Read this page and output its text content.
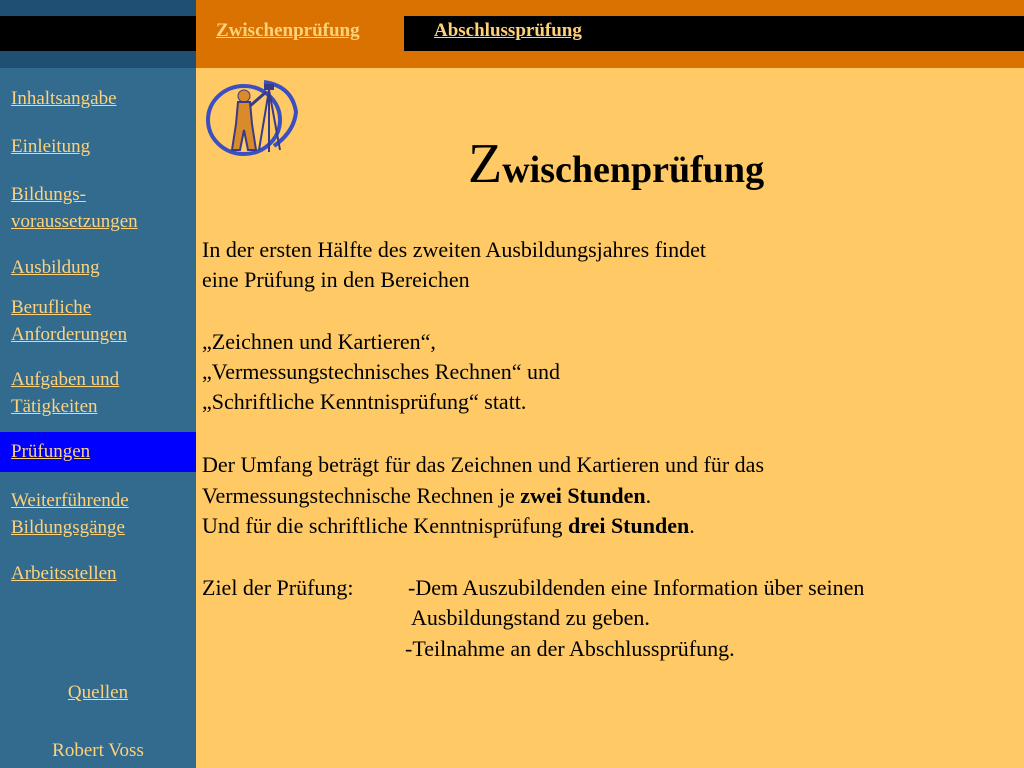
Inhaltsangabe
Einleitung
Bildungs-
voraussetzungen
Ausbildung
Berufliche
Anforderungen
Aufgaben und
Tätigkeiten
Prüfungen
Weiterführende
Bildungsgänge
Arbeitsstellen
Quellen
Robert Voss
Zwischenprüfung	Abschlussprüfung
Zwischenprüfung
In der ersten Hälfte des zweiten Ausbildungsjahres findet
eine Prüfung in den Bereichen
„Zeichnen und Kartieren“,
„Vermessungstechnisches Rechnen“ und
„Schriftliche Kenntnisprüfung“ statt.
Der Umfang beträgt für das Zeichnen und Kartieren und für das
Vermessungstechnische Rechnen je zwei Stunden.
Und für die schriftliche Kenntnisprüfung drei Stunden.
Ziel der Prüfung: -Dem Auszubildenden eine Information über seinen
Ausbildungstand zu geben.
-Teilnahme an der Abschlussprüfung.
